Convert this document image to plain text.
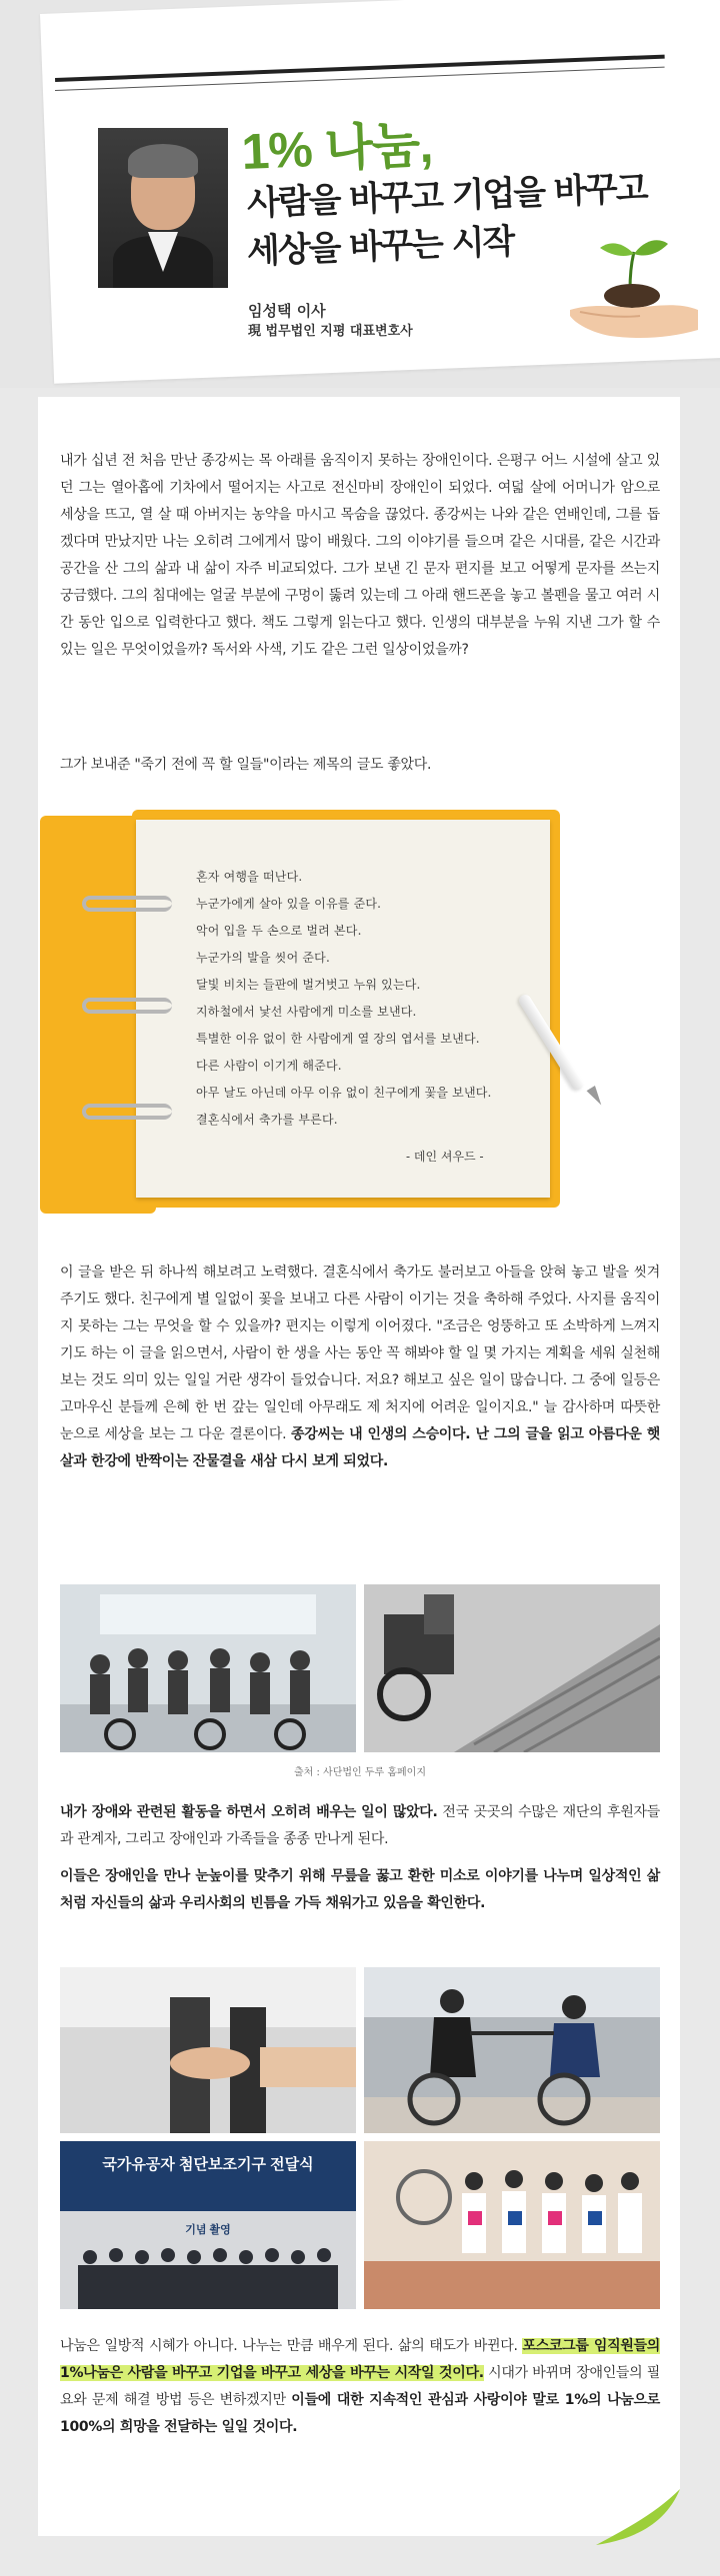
1% 나눔,
사람을 바꾸고 기업을 바꾸고
세상을 바꾸는 시작
임성택 이사
現 법무법인 지평 대표변호사
내가 십년 전 처음 만난 종강씨는 목 아래를 움직이지 못하는 장애인이다. 은평구 어느 시설에 살고 있던 그는 열아홉에 기차에서 떨어지는 사고로 전신마비 장애인이 되었다. 여덟 살에 어머니가 암으로 세상을 뜨고, 열 살 때 아버지는 농약을 마시고 목숨을 끊었다. 종강씨는 나와 같은 연배인데, 그를 돕겠다며 만났지만 나는 오히려 그에게서 많이 배웠다. 그의 이야기를 들으며 같은 시대를, 같은 시간과 공간을 산 그의 삶과 내 삶이 자주 비교되었다. 그가 보낸 긴 문자 편지를 보고 어떻게 문자를 쓰는지 궁금했다. 그의 침대에는 얼굴 부분에 구멍이 뚫려 있는데 그 아래 핸드폰을 놓고 볼펜을 물고 여러 시간 동안 입으로 입력한다고 했다. 책도 그렇게 읽는다고 했다. 인생의 대부분을 누워 지낸 그가 할 수 있는 일은 무엇이었을까? 독서와 사색, 기도 같은 그런 일상이었을까?
그가 보내준 "죽기 전에 꼭 할 일들"이라는 제목의 글도 좋았다.
혼자 여행을 떠난다.
누군가에게 살아 있을 이유를 준다.
악어 입을 두 손으로 벌려 본다.
누군가의 발을 씻어 준다.
달빛 비치는 들판에 벌거벗고 누워 있는다.
지하철에서 낯선 사람에게 미소를 보낸다.
특별한 이유 없이 한 사람에게 열 장의 엽서를 보낸다.
다른 사람이 이기게 해준다.
아무 날도 아닌데 아무 이유 없이 친구에게 꽃을 보낸다.
결혼식에서 축가를 부른다.
- 데인 셔우드 -
이 글을 받은 뒤 하나씩 해보려고 노력했다. 결혼식에서 축가도 불러보고 아들을 앉혀 놓고 발을 씻겨 주기도 했다. 친구에게 별 일없이 꽃을 보내고 다른 사람이 이기는 것을 축하해 주었다. 사지를 움직이지 못하는 그는 무엇을 할 수 있을까? 편지는 이렇게 이어졌다. "조금은 엉뚱하고 또 소박하게 느껴지기도 하는 이 글을 읽으면서, 사람이 한 생을 사는 동안 꼭 해봐야 할 일 몇 가지는 계획을 세워 실천해 보는 것도 의미 있는 일일 거란 생각이 들었습니다. 저요? 해보고 싶은 일이 많습니다. 그 중에 일등은 고마우신 분들께 은혜 한 번 갚는 일인데 아무래도 제 처지에 어려운 일이지요." 늘 감사하며 따뜻한 눈으로 세상을 보는 그 다운 결론이다. 종강씨는 내 인생의 스승이다. 난 그의 글을 읽고 아름다운 햇살과 한강에 반짝이는 잔물결을 새삼 다시 보게 되었다.
출처 : 사단법인 두루 홈페이지
내가 장애와 관련된 활동을 하면서 오히려 배우는 일이 많았다. 전국 곳곳의 수많은 재단의 후원자들과 관계자, 그리고 장애인과 가족들을 종종 만나게 된다.
이들은 장애인을 만나 눈높이를 맞추기 위해 무릎을 꿇고 환한 미소로 이야기를 나누며 일상적인 삶처럼 자신들의 삶과 우리사회의 빈틈을 가득 채워가고 있음을 확인한다.
국가유공자 첨단보조기구 전달식
기념 촬영
나눔은 일방적 시혜가 아니다. 나누는 만큼 배우게 된다. 삶의 태도가 바뀐다. 포스코그룹 임직원들의 1%나눔은 사람을 바꾸고 기업을 바꾸고 세상을 바꾸는 시작일 것이다. 시대가 바뀌며 장애인들의 필요와 문제 해결 방법 등은 변하겠지만 이들에 대한 지속적인 관심과 사랑이야 말로 1%의 나눔으로 100%의 희망을 전달하는 일일 것이다.
